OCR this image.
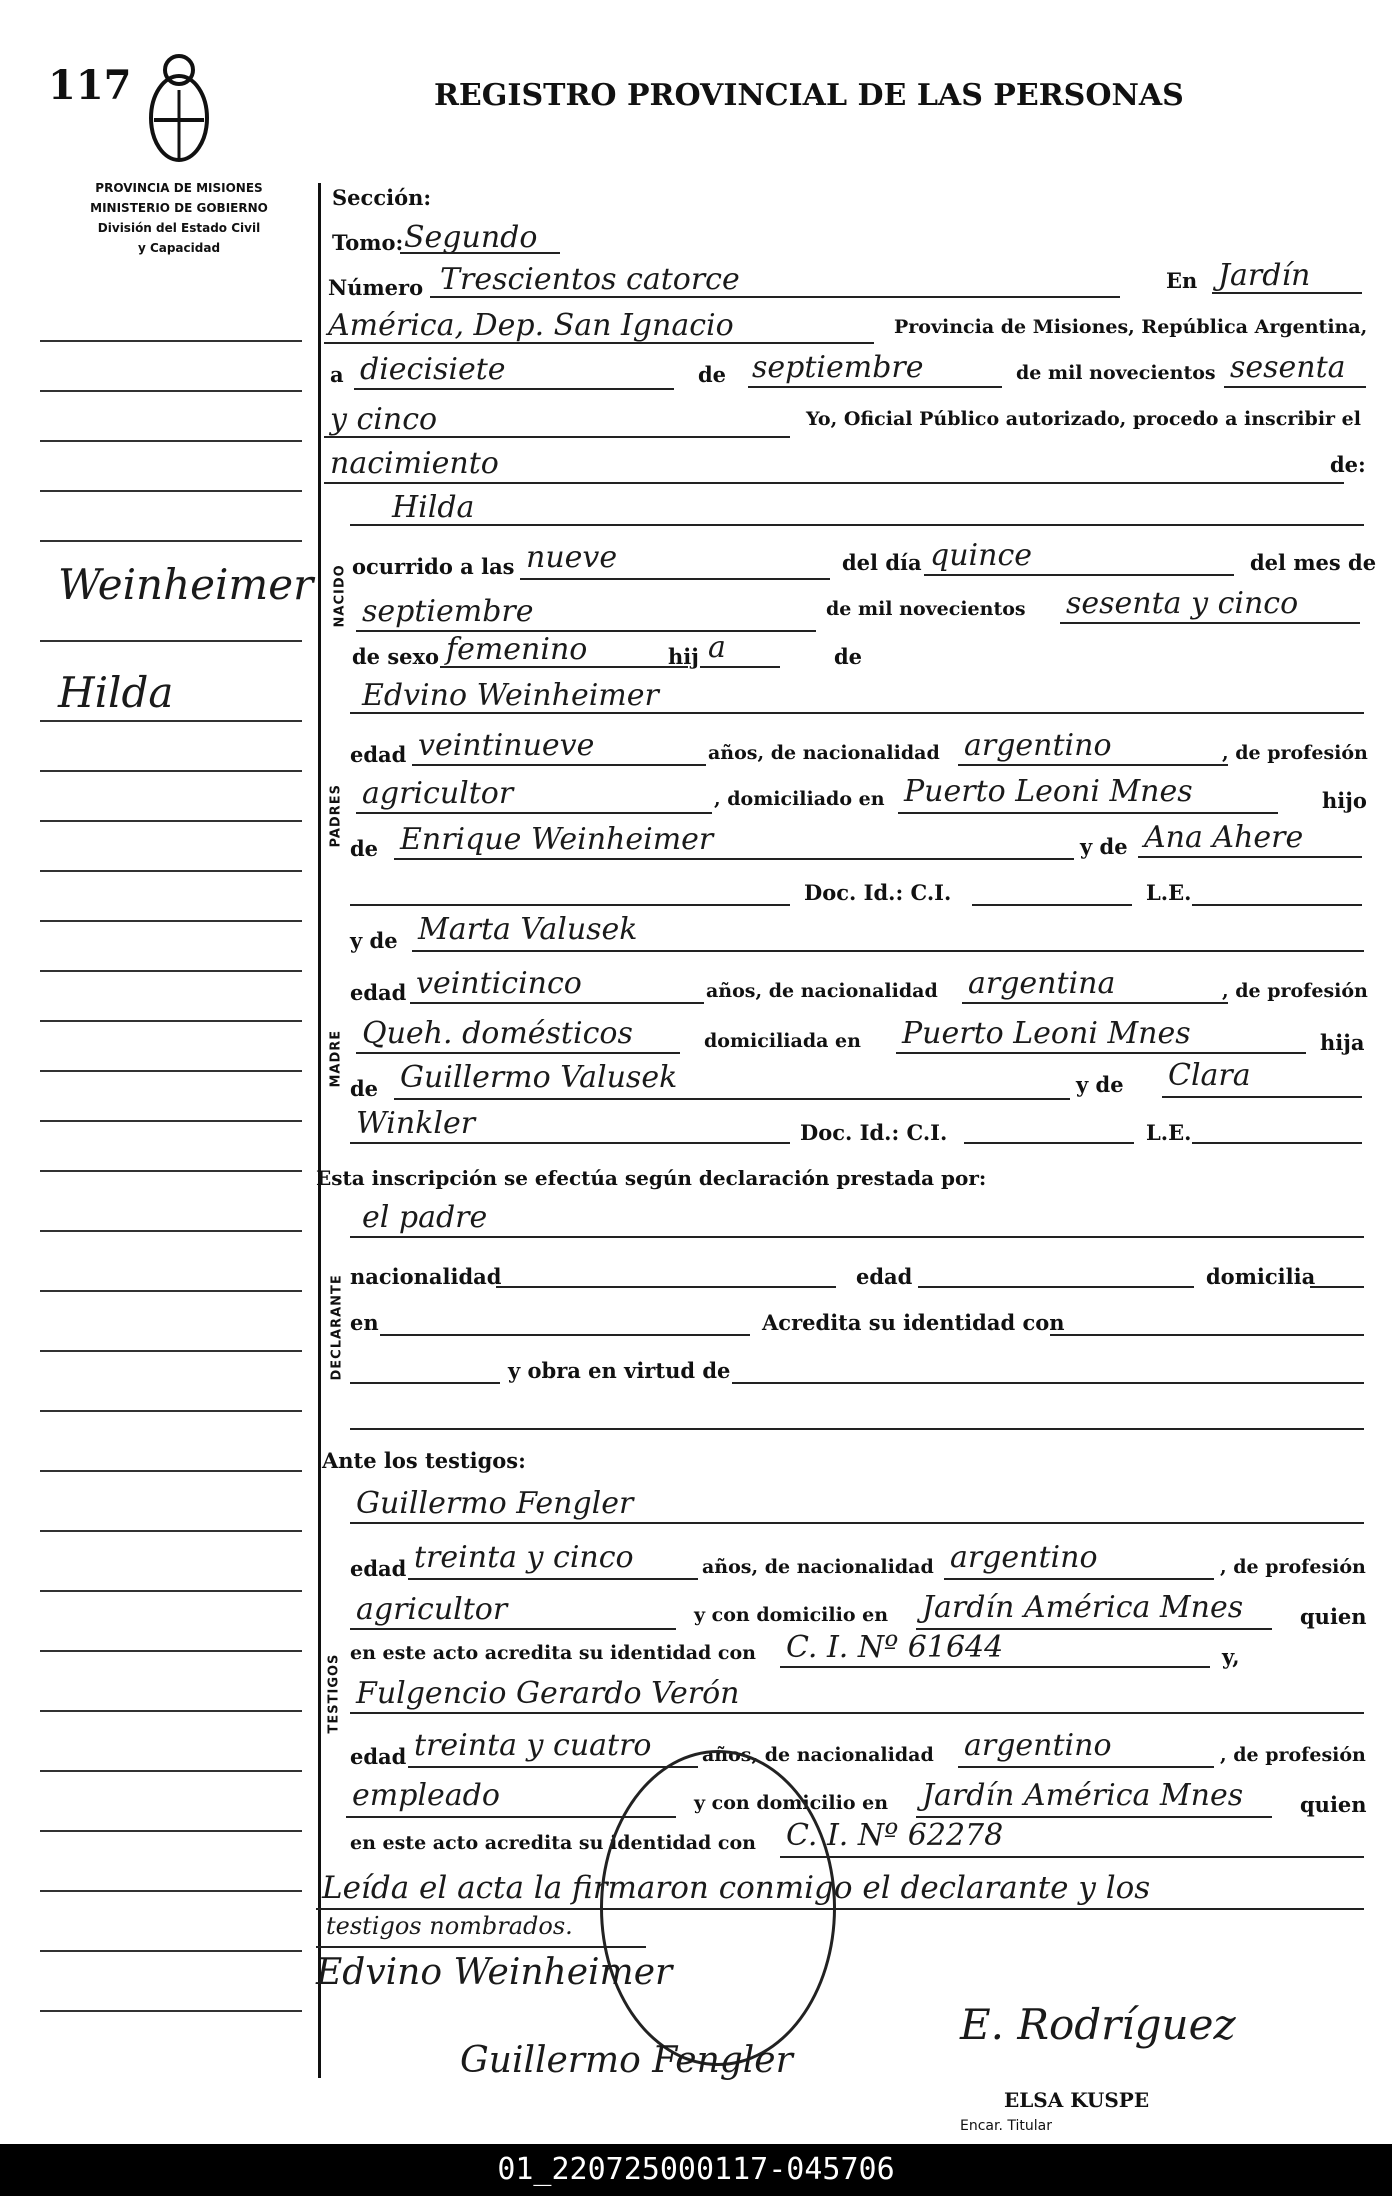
117	REGISTRO PROVINCIAL DE LAS PERSONAS
PROVINCIA DE MISIONES
MINISTERIO DE GOBIERNO
División del Estado Civil
y Capacidad
Weinheimer
Hilda
Sección:
Tomo: Segundo
Número Trescientos catorce	En Jardín
América, Dep. San Ignacio	Provincia de Misiones, República Argentina,
a diecisiete	de septiembre	de mil novecientos sesenta
y cinco	Yo, Oficial Público autorizado, procedo a inscribir el
nacimiento	de:
NACIDO
Hilda
ocurrido a las nueve	del día quince	del mes de
septiembre	de mil novecientos sesenta y cinco
de sexo femenino	hij a	de
PADRES
Edvino Weinheimer
edad veintinueve	años, de nacionalidad argentino	, de profesión
agricultor	, domiciliado en Puerto Leoni Mnes	hijo
de Enrique Weinheimer	y de Ana Ahere
Doc. Id.: C.I.	L.E.
MADRE
y de Marta Valusek
edad veinticinco	años, de nacionalidad argentina	, de profesión
Queh. domésticos	domiciliada en Puerto Leoni Mnes	hija
de Guillermo Valusek	y de Clara
Winkler	Doc. Id.: C.I.	L.E.
Esta inscripción se efectúa según declaración prestada por:
DECLARANTE
el padre
nacionalidad	edad	domicilia
en	Acredita su identidad con
y obra en virtud de
Ante los testigos:
TESTIGOS
Guillermo Fengler
edad treinta y cinco	años, de nacionalidad argentino	, de profesión
agricultor	y con domicilio en Jardín América Mnes	quien
en este acto acredita su identidad con C. I. Nº 61644	y,
Fulgencio Gerardo Verón
edad treinta y cuatro	años, de nacionalidad argentino	, de profesión
empleado	y con domicilio en Jardín América Mnes	quien
en este acto acredita su identidad con C. I. Nº 62278
Leída el acta la firmaron conmigo el declarante y los
testigos nombrados.
Edvino Weinheimer
Guillermo Fengler
E. Rodríguez
ELSA KUSPE
Encar. Titular
01_220725000117-045706
